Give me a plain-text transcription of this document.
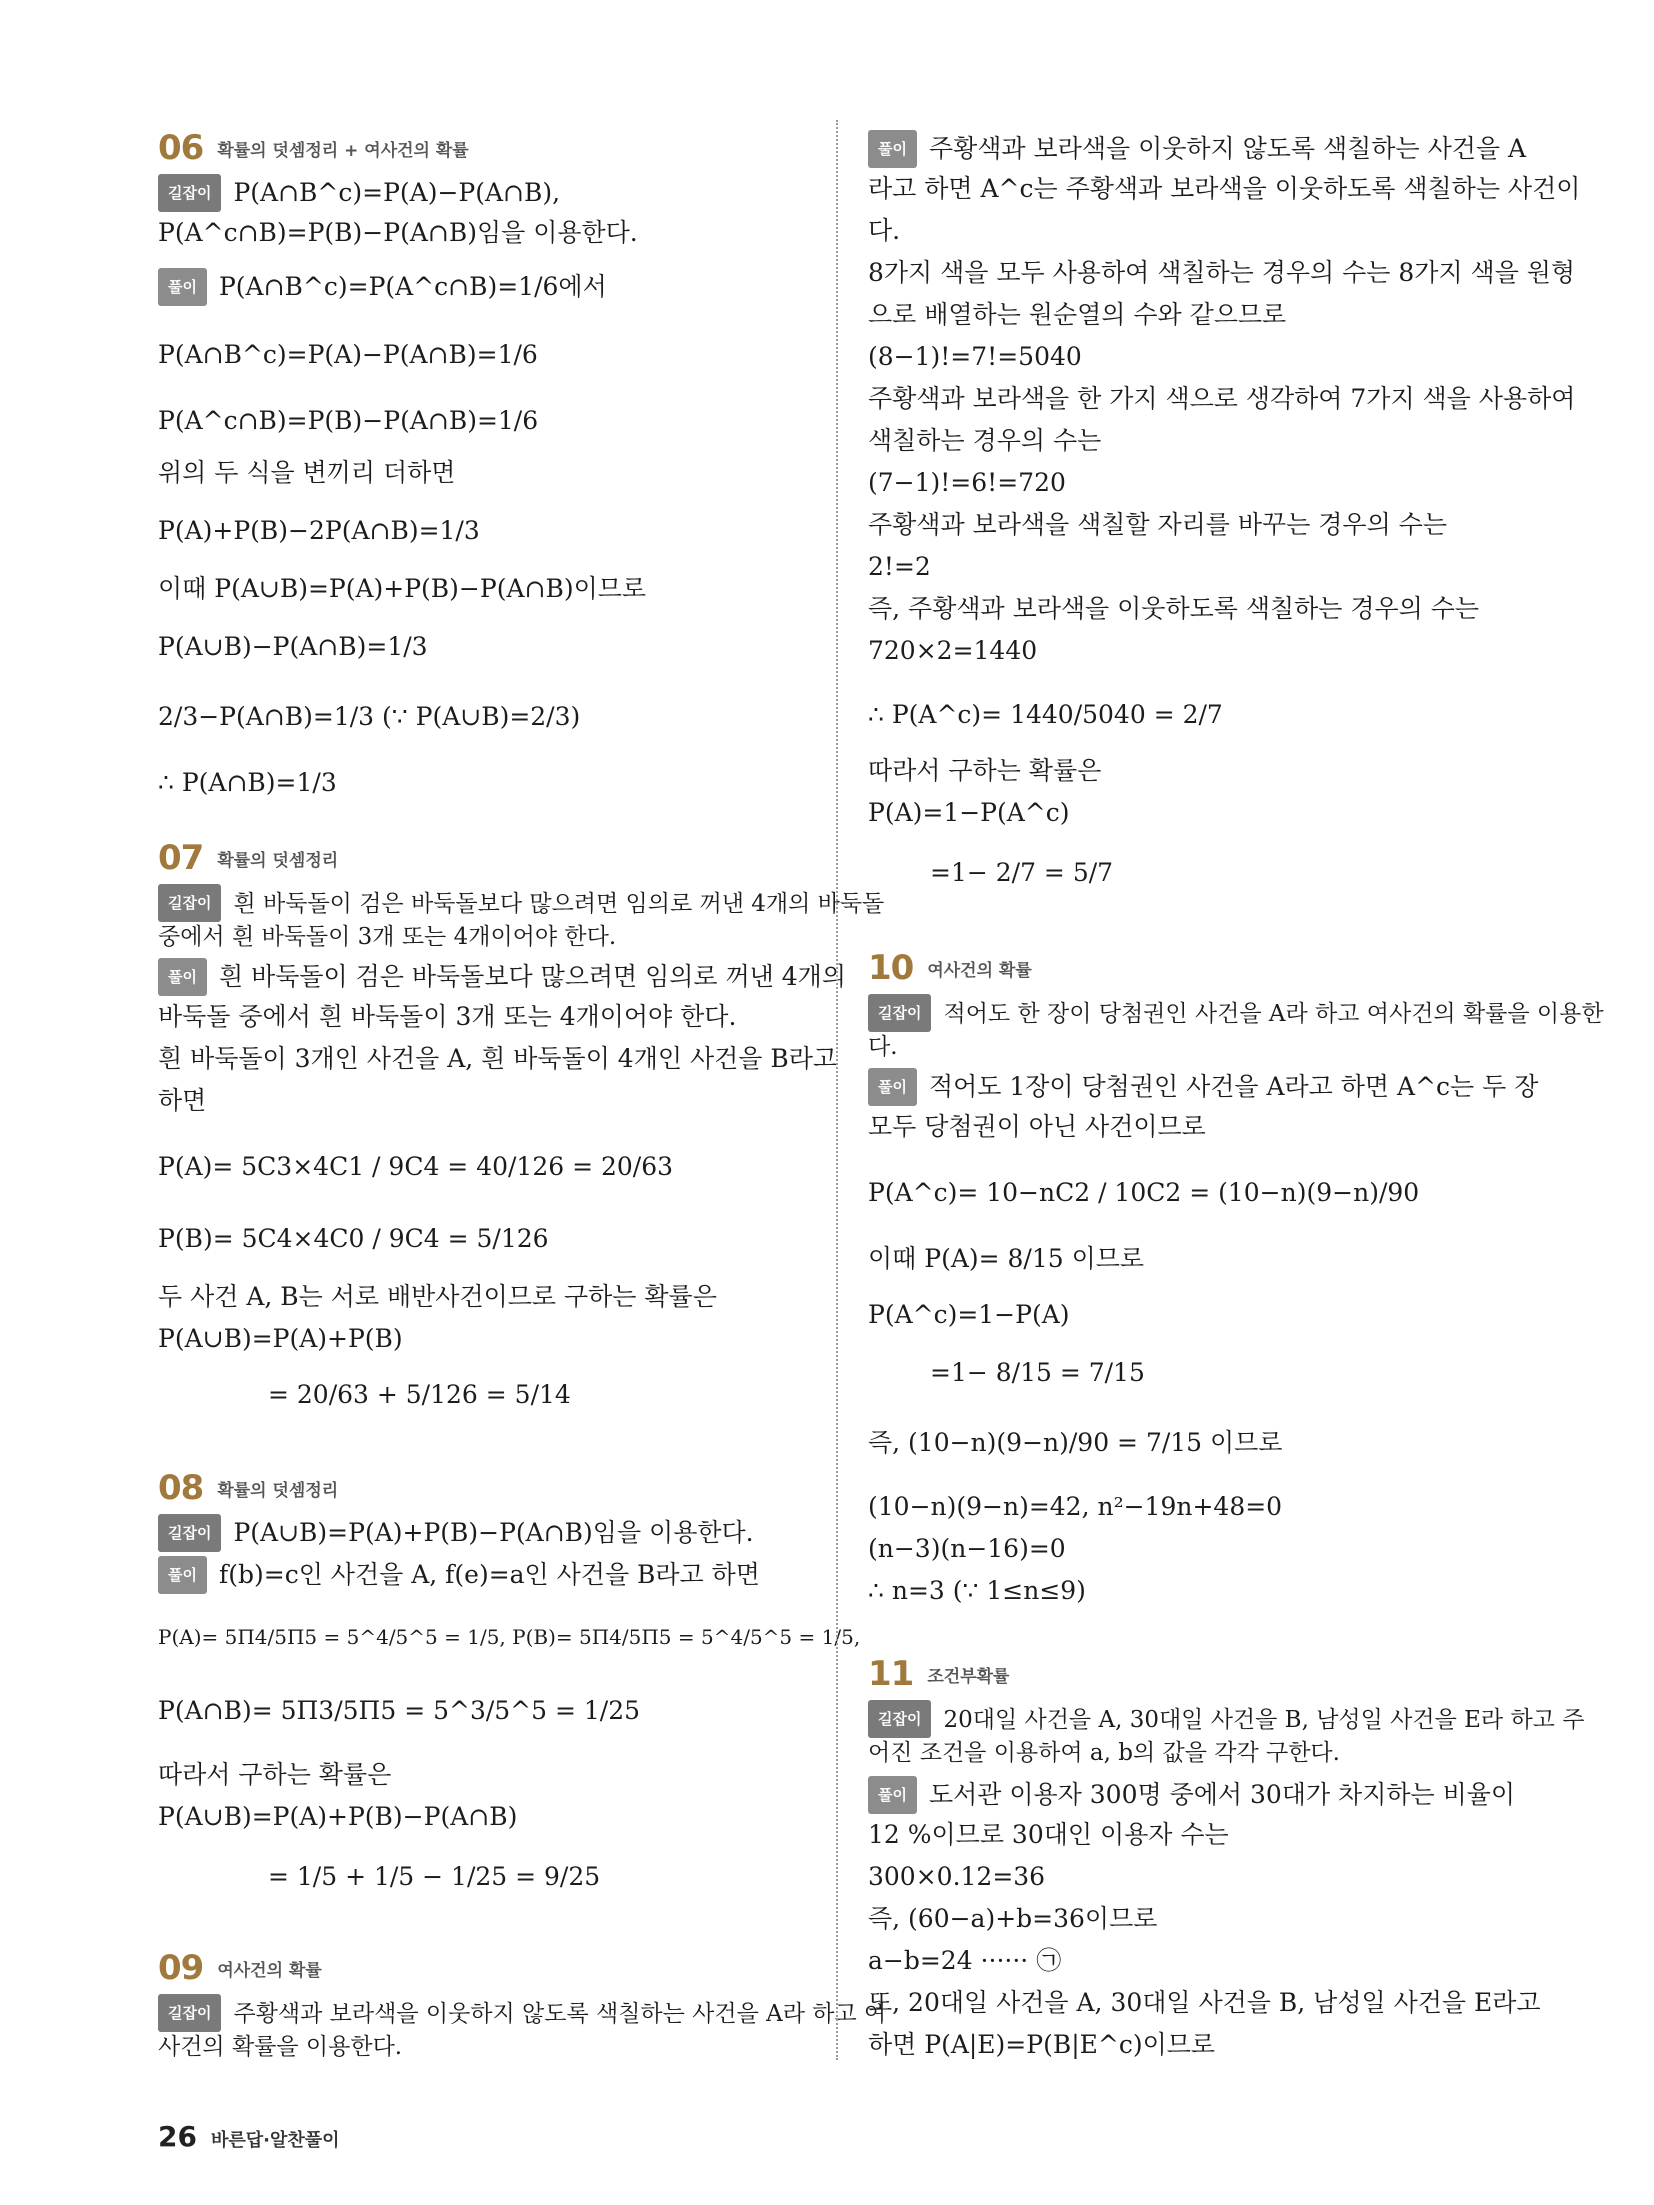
06 확률의 덧셈정리 + 여사건의 확률
길잡이 P(A∩B^c)=P(A)−P(A∩B),
P(A^c∩B)=P(B)−P(A∩B)임을 이용한다.
풀이 P(A∩B^c)=P(A^c∩B)=1/6에서
P(A∩B^c)=P(A)−P(A∩B)=1/6
P(A^c∩B)=P(B)−P(A∩B)=1/6
위의 두 식을 변끼리 더하면
P(A)+P(B)−2P(A∩B)=1/3
이때 P(A∪B)=P(A)+P(B)−P(A∩B)이므로
P(A∪B)−P(A∩B)=1/3
2/3−P(A∩B)=1/3 (∵ P(A∪B)=2/3)
∴ P(A∩B)=1/3
07 확률의 덧셈정리
길잡이 흰 바둑돌이 검은 바둑돌보다 많으려면 임의로 꺼낸 4개의 바둑돌
중에서 흰 바둑돌이 3개 또는 4개이어야 한다.
풀이 흰 바둑돌이 검은 바둑돌보다 많으려면 임의로 꺼낸 4개의
바둑돌 중에서 흰 바둑돌이 3개 또는 4개이어야 한다.
흰 바둑돌이 3개인 사건을 A, 흰 바둑돌이 4개인 사건을 B라고
하면
P(A)= 5C3×4C1 / 9C4 = 40/126 = 20/63
P(B)= 5C4×4C0 / 9C4 = 5/126
두 사건 A, B는 서로 배반사건이므로 구하는 확률은
P(A∪B)=P(A)+P(B)
= 20/63 + 5/126 = 5/14
08 확률의 덧셈정리
길잡이 P(A∪B)=P(A)+P(B)−P(A∩B)임을 이용한다.
풀이 f(b)=c인 사건을 A, f(e)=a인 사건을 B라고 하면
P(A)= 5Π4/5Π5 = 5^4/5^5 = 1/5, P(B)= 5Π4/5Π5 = 5^4/5^5 = 1/5,
P(A∩B)= 5Π3/5Π5 = 5^3/5^5 = 1/25
따라서 구하는 확률은
P(A∪B)=P(A)+P(B)−P(A∩B)
= 1/5 + 1/5 − 1/25 = 9/25
09 여사건의 확률
길잡이 주황색과 보라색을 이웃하지 않도록 색칠하는 사건을 A라 하고 여
사건의 확률을 이용한다.
풀이 주황색과 보라색을 이웃하지 않도록 색칠하는 사건을 A
라고 하면 A^c는 주황색과 보라색을 이웃하도록 색칠하는 사건이
다.
8가지 색을 모두 사용하여 색칠하는 경우의 수는 8가지 색을 원형
으로 배열하는 원순열의 수와 같으므로
(8−1)!=7!=5040
주황색과 보라색을 한 가지 색으로 생각하여 7가지 색을 사용하여
색칠하는 경우의 수는
(7−1)!=6!=720
주황색과 보라색을 색칠할 자리를 바꾸는 경우의 수는
2!=2
즉, 주황색과 보라색을 이웃하도록 색칠하는 경우의 수는
720×2=1440
∴ P(A^c)= 1440/5040 = 2/7
따라서 구하는 확률은
P(A)=1−P(A^c)
=1− 2/7 = 5/7
10 여사건의 확률
길잡이 적어도 한 장이 당첨권인 사건을 A라 하고 여사건의 확률을 이용한
다.
풀이 적어도 1장이 당첨권인 사건을 A라고 하면 A^c는 두 장
모두 당첨권이 아닌 사건이므로
P(A^c)= 10−nC2 / 10C2 = (10−n)(9−n)/90
이때 P(A)= 8/15 이므로
P(A^c)=1−P(A)
=1− 8/15 = 7/15
즉, (10−n)(9−n)/90 = 7/15 이므로
(10−n)(9−n)=42, n²−19n+48=0
(n−3)(n−16)=0
∴ n=3 (∵ 1≤n≤9)
11 조건부확률
길잡이 20대일 사건을 A, 30대일 사건을 B, 남성일 사건을 E라 하고 주
어진 조건을 이용하여 a, b의 값을 각각 구한다.
풀이 도서관 이용자 300명 중에서 30대가 차지하는 비율이
12 %이므로 30대인 이용자 수는
300×0.12=36
즉, (60−a)+b=36이므로
a−b=24 ······ ㉠
또, 20대일 사건을 A, 30대일 사건을 B, 남성일 사건을 E라고
하면 P(A|E)=P(B|E^c)이므로
26 바른답·알찬풀이
